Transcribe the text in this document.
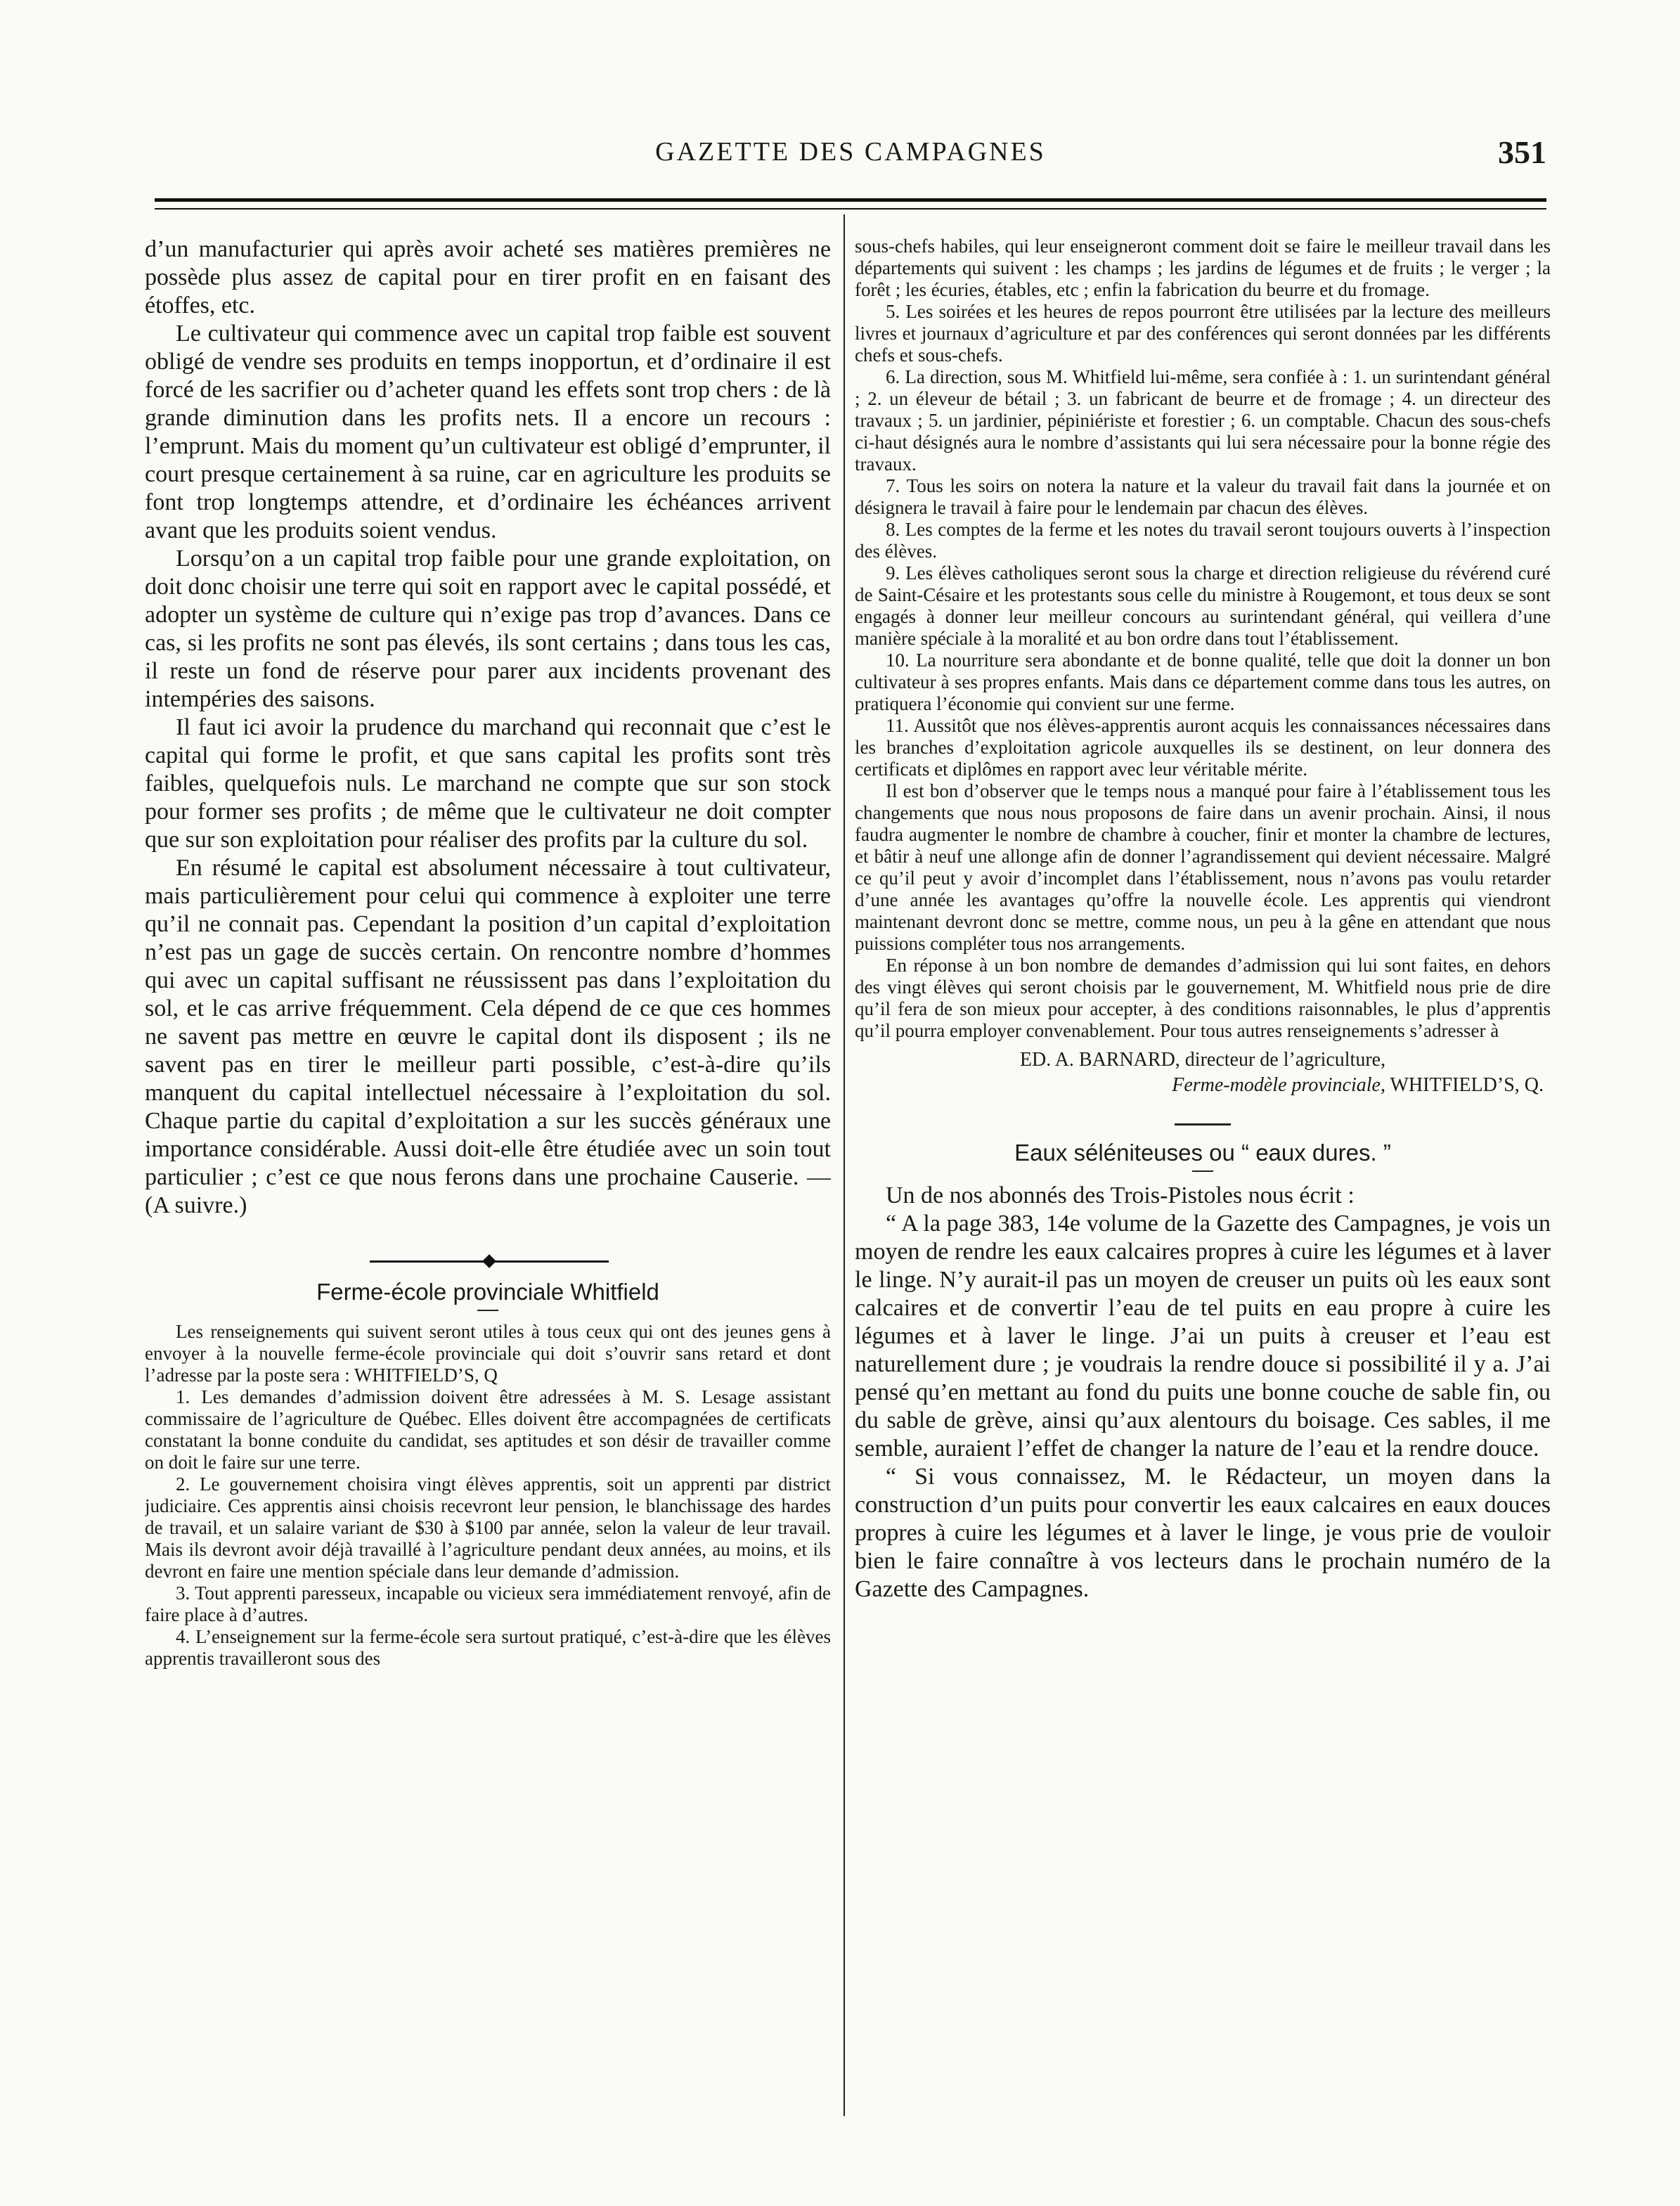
GAZETTE DES CAMPAGNES	351

d’un manufacturier qui après avoir acheté ses matières premières ne possède plus assez de capital pour en tirer profit en en faisant des étoffes, etc.

Le cultivateur qui commence avec un capital trop faible est souvent obligé de vendre ses produits en temps inopportun, et d’ordinaire il est forcé de les sacrifier ou d’acheter quand les effets sont trop chers : de là grande diminution dans les profits nets. Il a encore un recours : l’emprunt. Mais du moment qu’un cultivateur est obligé d’emprunter, il court presque certainement à sa ruine, car en agriculture les produits se font trop longtemps attendre, et d’ordinaire les échéances arrivent avant que les produits soient vendus.

Lorsqu’on a un capital trop faible pour une grande exploitation, on doit donc choisir une terre qui soit en rapport avec le capital possédé, et adopter un système de culture qui n’exige pas trop d’avances. Dans ce cas, si les profits ne sont pas élevés, ils sont certains ; dans tous les cas, il reste un fond de réserve pour parer aux incidents provenant des intempéries des saisons.

Il faut ici avoir la prudence du marchand qui reconnait que c’est le capital qui forme le profit, et que sans capital les profits sont très faibles, quelquefois nuls. Le marchand ne compte que sur son stock pour former ses profits ; de même que le cultivateur ne doit compter que sur son exploitation pour réaliser des profits par la culture du sol.

En résumé le capital est absolument nécessaire à tout cultivateur, mais particulièrement pour celui qui commence à exploiter une terre qu’il ne connait pas. Cependant la position d’un capital d’exploitation n’est pas un gage de succès certain. On rencontre nombre d’hommes qui avec un capital suffisant ne réussissent pas dans l’exploitation du sol, et le cas arrive fréquemment. Cela dépend de ce que ces hommes ne savent pas mettre en œuvre le capital dont ils disposent ; ils ne savent pas en tirer le meilleur parti possible, c’est-à-dire qu’ils manquent du capital intellectuel nécessaire à l’exploitation du sol. Chaque partie du capital d’exploitation a sur les succès généraux une importance considérable. Aussi doit-elle être étudiée avec un soin tout particulier ; c’est ce que nous ferons dans une prochaine Causerie. —(A suivre.)

Ferme-école provinciale Whitfield

Les renseignements qui suivent seront utiles à tous ceux qui ont des jeunes gens à envoyer à la nouvelle ferme-école provinciale qui doit s’ouvrir sans retard et dont l’adresse par la poste sera : WHITFIELD’S, Q

1. Les demandes d’admission doivent être adressées à M. S. Lesage assistant commissaire de l’agriculture de Québec. Elles doivent être accompagnées de certificats constatant la bonne conduite du candidat, ses aptitudes et son désir de travailler comme on doit le faire sur une terre.

2. Le gouvernement choisira vingt élèves apprentis, soit un apprenti par district judiciaire. Ces apprentis ainsi choisis recevront leur pension, le blanchissage des hardes de travail, et un salaire variant de $30 à $100 par année, selon la valeur de leur travail. Mais ils devront avoir déjà travaillé à l’agriculture pendant deux années, au moins, et ils devront en faire une mention spéciale dans leur demande d’admission.

3. Tout apprenti paresseux, incapable ou vicieux sera immédiatement renvoyé, afin de faire place à d’autres.

4. L’enseignement sur la ferme-école sera surtout pratiqué, c’est-à-dire que les élèves apprentis travailleront sous des

sous-chefs habiles, qui leur enseigneront comment doit se faire le meilleur travail dans les départements qui suivent : les champs ; les jardins de légumes et de fruits ; le verger ; la forêt ; les écuries, étables, etc ; enfin la fabrication du beurre et du fromage.

5. Les soirées et les heures de repos pourront être utilisées par la lecture des meilleurs livres et journaux d’agriculture et par des conférences qui seront données par les différents chefs et sous-chefs.

6. La direction, sous M. Whitfield lui-même, sera confiée à : 1. un surintendant général ; 2. un éleveur de bétail ; 3. un fabricant de beurre et de fromage ; 4. un directeur des travaux ; 5. un jardinier, pépiniériste et forestier ; 6. un comptable. Chacun des sous-chefs ci-haut désignés aura le nombre d’assistants qui lui sera nécessaire pour la bonne régie des travaux.

7. Tous les soirs on notera la nature et la valeur du travail fait dans la journée et on désignera le travail à faire pour le lendemain par chacun des élèves.

8. Les comptes de la ferme et les notes du travail seront toujours ouverts à l’inspection des élèves.

9. Les élèves catholiques seront sous la charge et direction religieuse du révérend curé de Saint-Césaire et les protestants sous celle du ministre à Rougemont, et tous deux se sont engagés à donner leur meilleur concours au surintendant général, qui veillera d’une manière spéciale à la moralité et au bon ordre dans tout l’établissement.

10. La nourriture sera abondante et de bonne qualité, telle que doit la donner un bon cultivateur à ses propres enfants. Mais dans ce département comme dans tous les autres, on pratiquera l’économie qui convient sur une ferme.

11. Aussitôt que nos élèves-apprentis auront acquis les connaissances nécessaires dans les branches d’exploitation agricole auxquelles ils se destinent, on leur donnera des certificats et diplômes en rapport avec leur véritable mérite.

Il est bon d’observer que le temps nous a manqué pour faire à l’établissement tous les changements que nous nous proposons de faire dans un avenir prochain. Ainsi, il nous faudra augmenter le nombre de chambre à coucher, finir et monter la chambre de lectures, et bâtir à neuf une allonge afin de donner l’agrandissement qui devient nécessaire. Malgré ce qu’il peut y avoir d’incomplet dans l’établissement, nous n’avons pas voulu retarder d’une année les avantages qu’offre la nouvelle école. Les apprentis qui viendront maintenant devront donc se mettre, comme nous, un peu à la gêne en attendant que nous puissions compléter tous nos arrangements.

En réponse à un bon nombre de demandes d’admission qui lui sont faites, en dehors des vingt élèves qui seront choisis par le gouvernement, M. Whitfield nous prie de dire qu’il fera de son mieux pour accepter, à des conditions raisonnables, le plus d’apprentis qu’il pourra employer convenablement. Pour tous autres renseignements s’adresser à

ED. A. BARNARD, directeur de l’agriculture,
Ferme-modèle provinciale, WHITFIELD’S, Q.
Eaux séléniteuses ou “ eaux dures. ”

Un de nos abonnés des Trois-Pistoles nous écrit :

“ A la page 383, 14e volume de la Gazette des Campagnes, je vois un moyen de rendre les eaux calcaires propres à cuire les légumes et à laver le linge. N’y aurait-il pas un moyen de creuser un puits où les eaux sont calcaires et de convertir l’eau de tel puits en eau propre à cuire les légumes et à laver le linge. J’ai un puits à creuser et l’eau est naturellement dure ; je voudrais la rendre douce si possibilité il y a. J’ai pensé qu’en mettant au fond du puits une bonne couche de sable fin, ou du sable de grève, ainsi qu’aux alentours du boisage. Ces sables, il me semble, auraient l’effet de changer la nature de l’eau et la rendre douce.

“ Si vous connaissez, M. le Rédacteur, un moyen dans la construction d’un puits pour convertir les eaux calcaires en eaux douces propres à cuire les légumes et à laver le linge, je vous prie de vouloir bien le faire connaître à vos lecteurs dans le prochain numéro de la Gazette des Campagnes.
